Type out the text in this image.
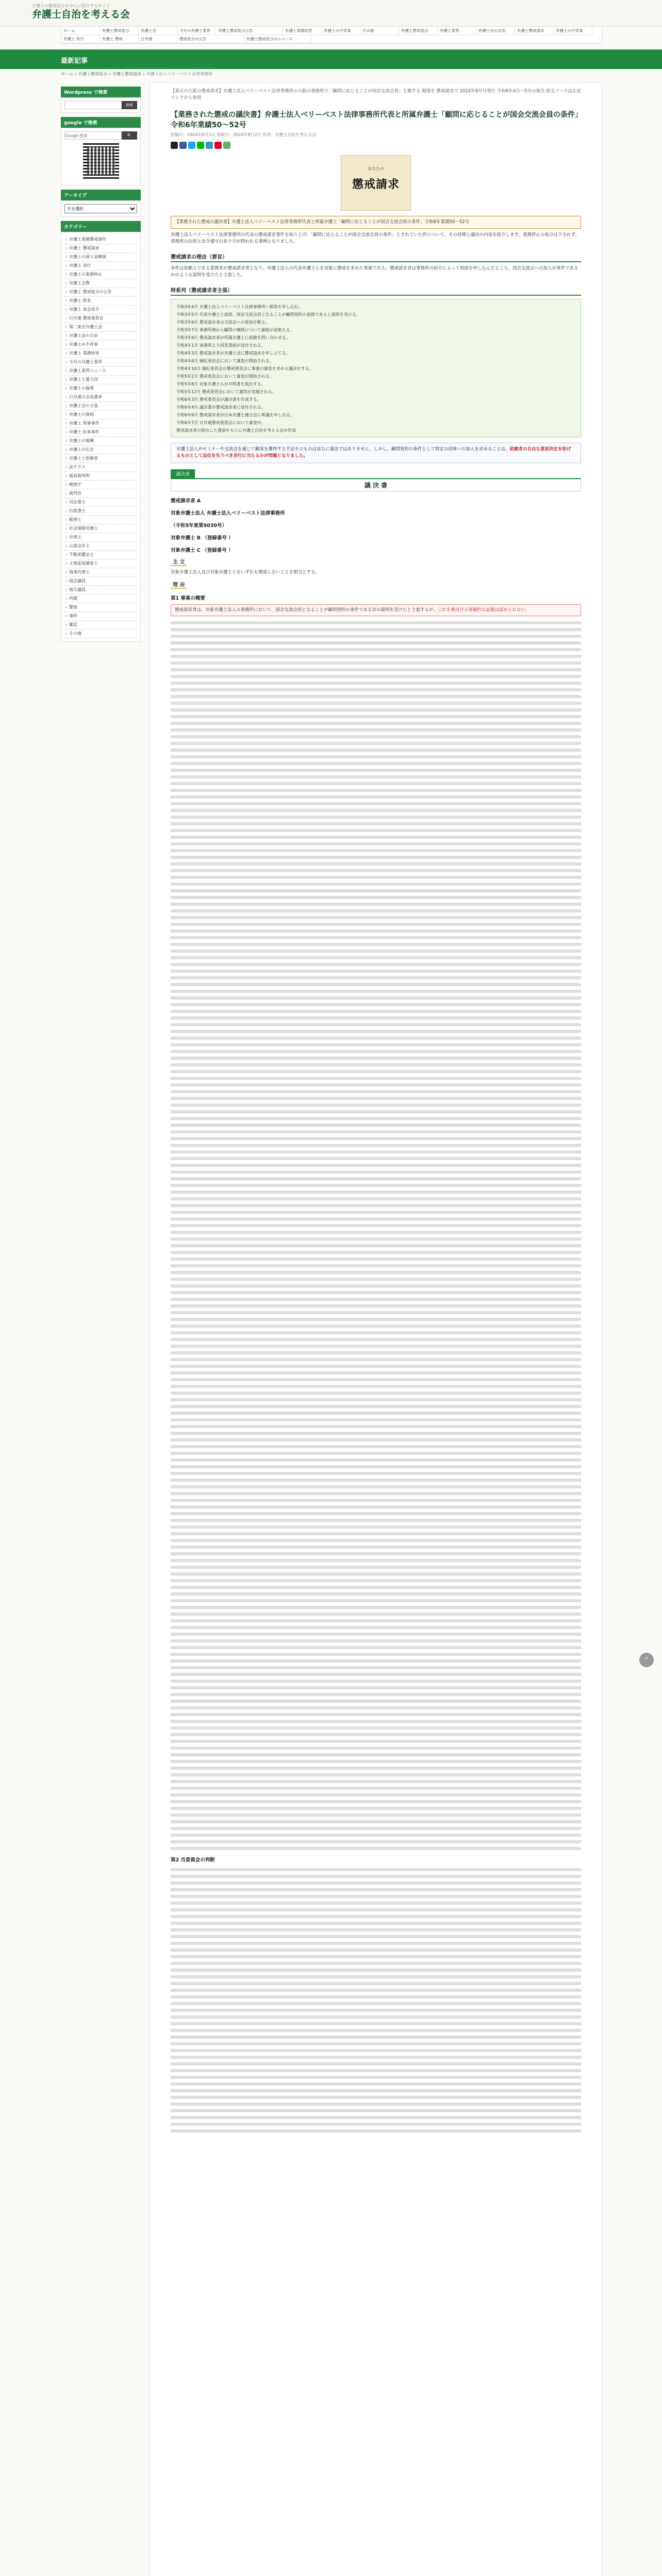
弁護士の懲戒処分を中心に紹介するサイト
弁護士自治を考える会
ホーム	弁護士懲戒処分	弁護士会	今月の弁護士業界	弁護士懲戒処分公告	弁護士業務妨害	弁護士の不祥事	その他	弁護士懲戒処分	弁護士業界	弁護士会の自治	弁護士懲戒請求	弁護士の不祥事
弁護士 非行	弁護士 懲戒	日弁連	懲戒処分の公告	弁護士懲戒処分のニュース
最新記事
ホーム » 弁護士懲戒処分 » 弁護士懲戒請求 » 弁護士法人ベリーベスト法律事務所
Wordpress で検索
検索
google で検索
Google 検索
🔍
アーカイブ
月を選択
カテゴリー
› 弁護士業務懲戒事件
› 弁護士 懲戒請求
› 弁護士の預り金横領
› 弁護士 非行
› 弁護士の業務停止
› 弁護士会費
› 弁護士 懲戒処分の公告
› 弁護士 除名
› 弁護士 退会命令
› 日弁連 懲戒委員会
› 第二東京弁護士会
› 弁護士会の自治
› 弁護士の不祥事
› 弁護士 業務妨害
› 今月の弁護士業界
› 弁護士業界ニュース
› 弁護士と暴力団
› 弁護士の倫理
› 日弁連の会長選挙
› 弁護士会の主張
› 弁護士の資格
› 弁護士 刑事事件
› 弁護士 民事事件
› 弁護士の報酬
› 弁護士の広告
› 弁護士と依頼者
› 法テラス
› 最高裁判所
› 検察庁
› 裁判官
› 司法書士
› 行政書士
› 税理士
› 社会保険労務士
› 弁理士
› 公認会計士
› 不動産鑑定士
› 土地家屋調査士
› 海事代理士
› 国会議員
› 地方議員
› 内閣
› 警察
› 事件
› 雑記
› その他
【第五の大阪の懲戒請求】弁護士法人ベリーベスト法律事務所の大阪の事務所で「顧問に応じることが国会交流会員」と題する 報道を 懲戒請求で 2024年8月号発行 令和6年4月～5月の報告 原文ソースは左記リンクから参照
【業務された懲戒の議決書】弁護士法人ベリーベスト法律事務所代表と所属弁護士「顧問に応じることが国会交流会員の条件」令和6年業績50～52号
投稿日：2024年8月1日 更新日：2024年8月2日 作者：弁護士自治を考える会
あなたの
懲戒請求
【業務された懲戒の議決書】弁護士法人ベリーベスト法律事務所代表と所属弁護士「顧問に応じることが国会交流会員の条件」令和6年業績50～52号

弁護士法人ベリーベスト法律事務所の代表の懲戒請求事件を取り上げ、「顧問に応じることが国会交流会員の条件」とされていた件について、その経緯と議決の内容を紹介します。業務停止の処分は下されず、事務所の信用と法令遵守のあり方が問われる事例となりました。

懲戒請求の理由（要旨）

本件は依頼人である業務者が懲戒請求者となり、弁護士法人の代表弁護士らを対象に懲戒を求めた事案である。懲戒請求者は事務所の紹介によって相談を申し込んだところ、国会交流会への加入が条件であるかのような説明を受けたと主張した。

時系列（懲戒請求者主張）

令和3年4月 弁護士法人ベリーベスト法律事務所へ相談を申し込む。

令和3年5月 代表弁護士と面談、国会交流会員となることが顧問契約の前提であると説明を受ける。

令和3年6月 懲戒請求者は交流会への参加を断る。

令和3年7月 事務所側から顧問の継続について連絡が途絶える。

令和3年9月 懲戒請求者が所属弁護士に経緯を問い合わせる。

令和4年1月 事務所より回答書面が送付される。

令和4年3月 懲戒請求者が弁護士会に懲戒請求を申し立てる。

令和4年6月 綱紀委員会において調査が開始される。

令和4年10月 綱紀委員会が懲戒委員会に事案の審査を求める議決をする。

令和5年2月 懲戒委員会において審査が開始される。

令和5年8月 対象弁護士らが弁明書を提出する。

令和5年12月 懲戒委員会において審問が実施される。

令和6年3月 懲戒委員会が議決書を作成する。

令和6年4月 議決書が懲戒請求者に送付される。

令和6年6月 懲戒請求者が日本弁護士連合会に異議を申し出る。

令和6年7月 日弁連懲戒委員会において審査中。

懲戒請求者の提出した書面をもとに弁護士自治を考える会が作成

弁護士法人がセミナーや交流会を通じて顧客を獲得する手法そのものは直ちに違法ではありません。しかし、顧問契約の条件として特定の団体への加入を求めることは、依頼者の自由な意思決定を妨げるものとして品位を失うべき非行に当たるかが問題となりました。
議決書
議 決 書
懲戒請求者 A
対象弁護士法人 弁護士法人ベリーベスト法律事務所
（令和5年東第9030号）
対象弁護士 B （登録番号 ）
対象弁護士 C （登録番号 ）
主 文

対象弁護士法人及び対象弁護士らをいずれも懲戒しないことを相当とする。

理 由
第1 事案の概要
懲戒請求者は、対象弁護士法人の事務所において、国会交流会員となることが顧問契約の条件である旨の説明を受けたと主張するが、これを裏付ける客観的な証拠は認められない。
第2 当委員会の判断
⌃
